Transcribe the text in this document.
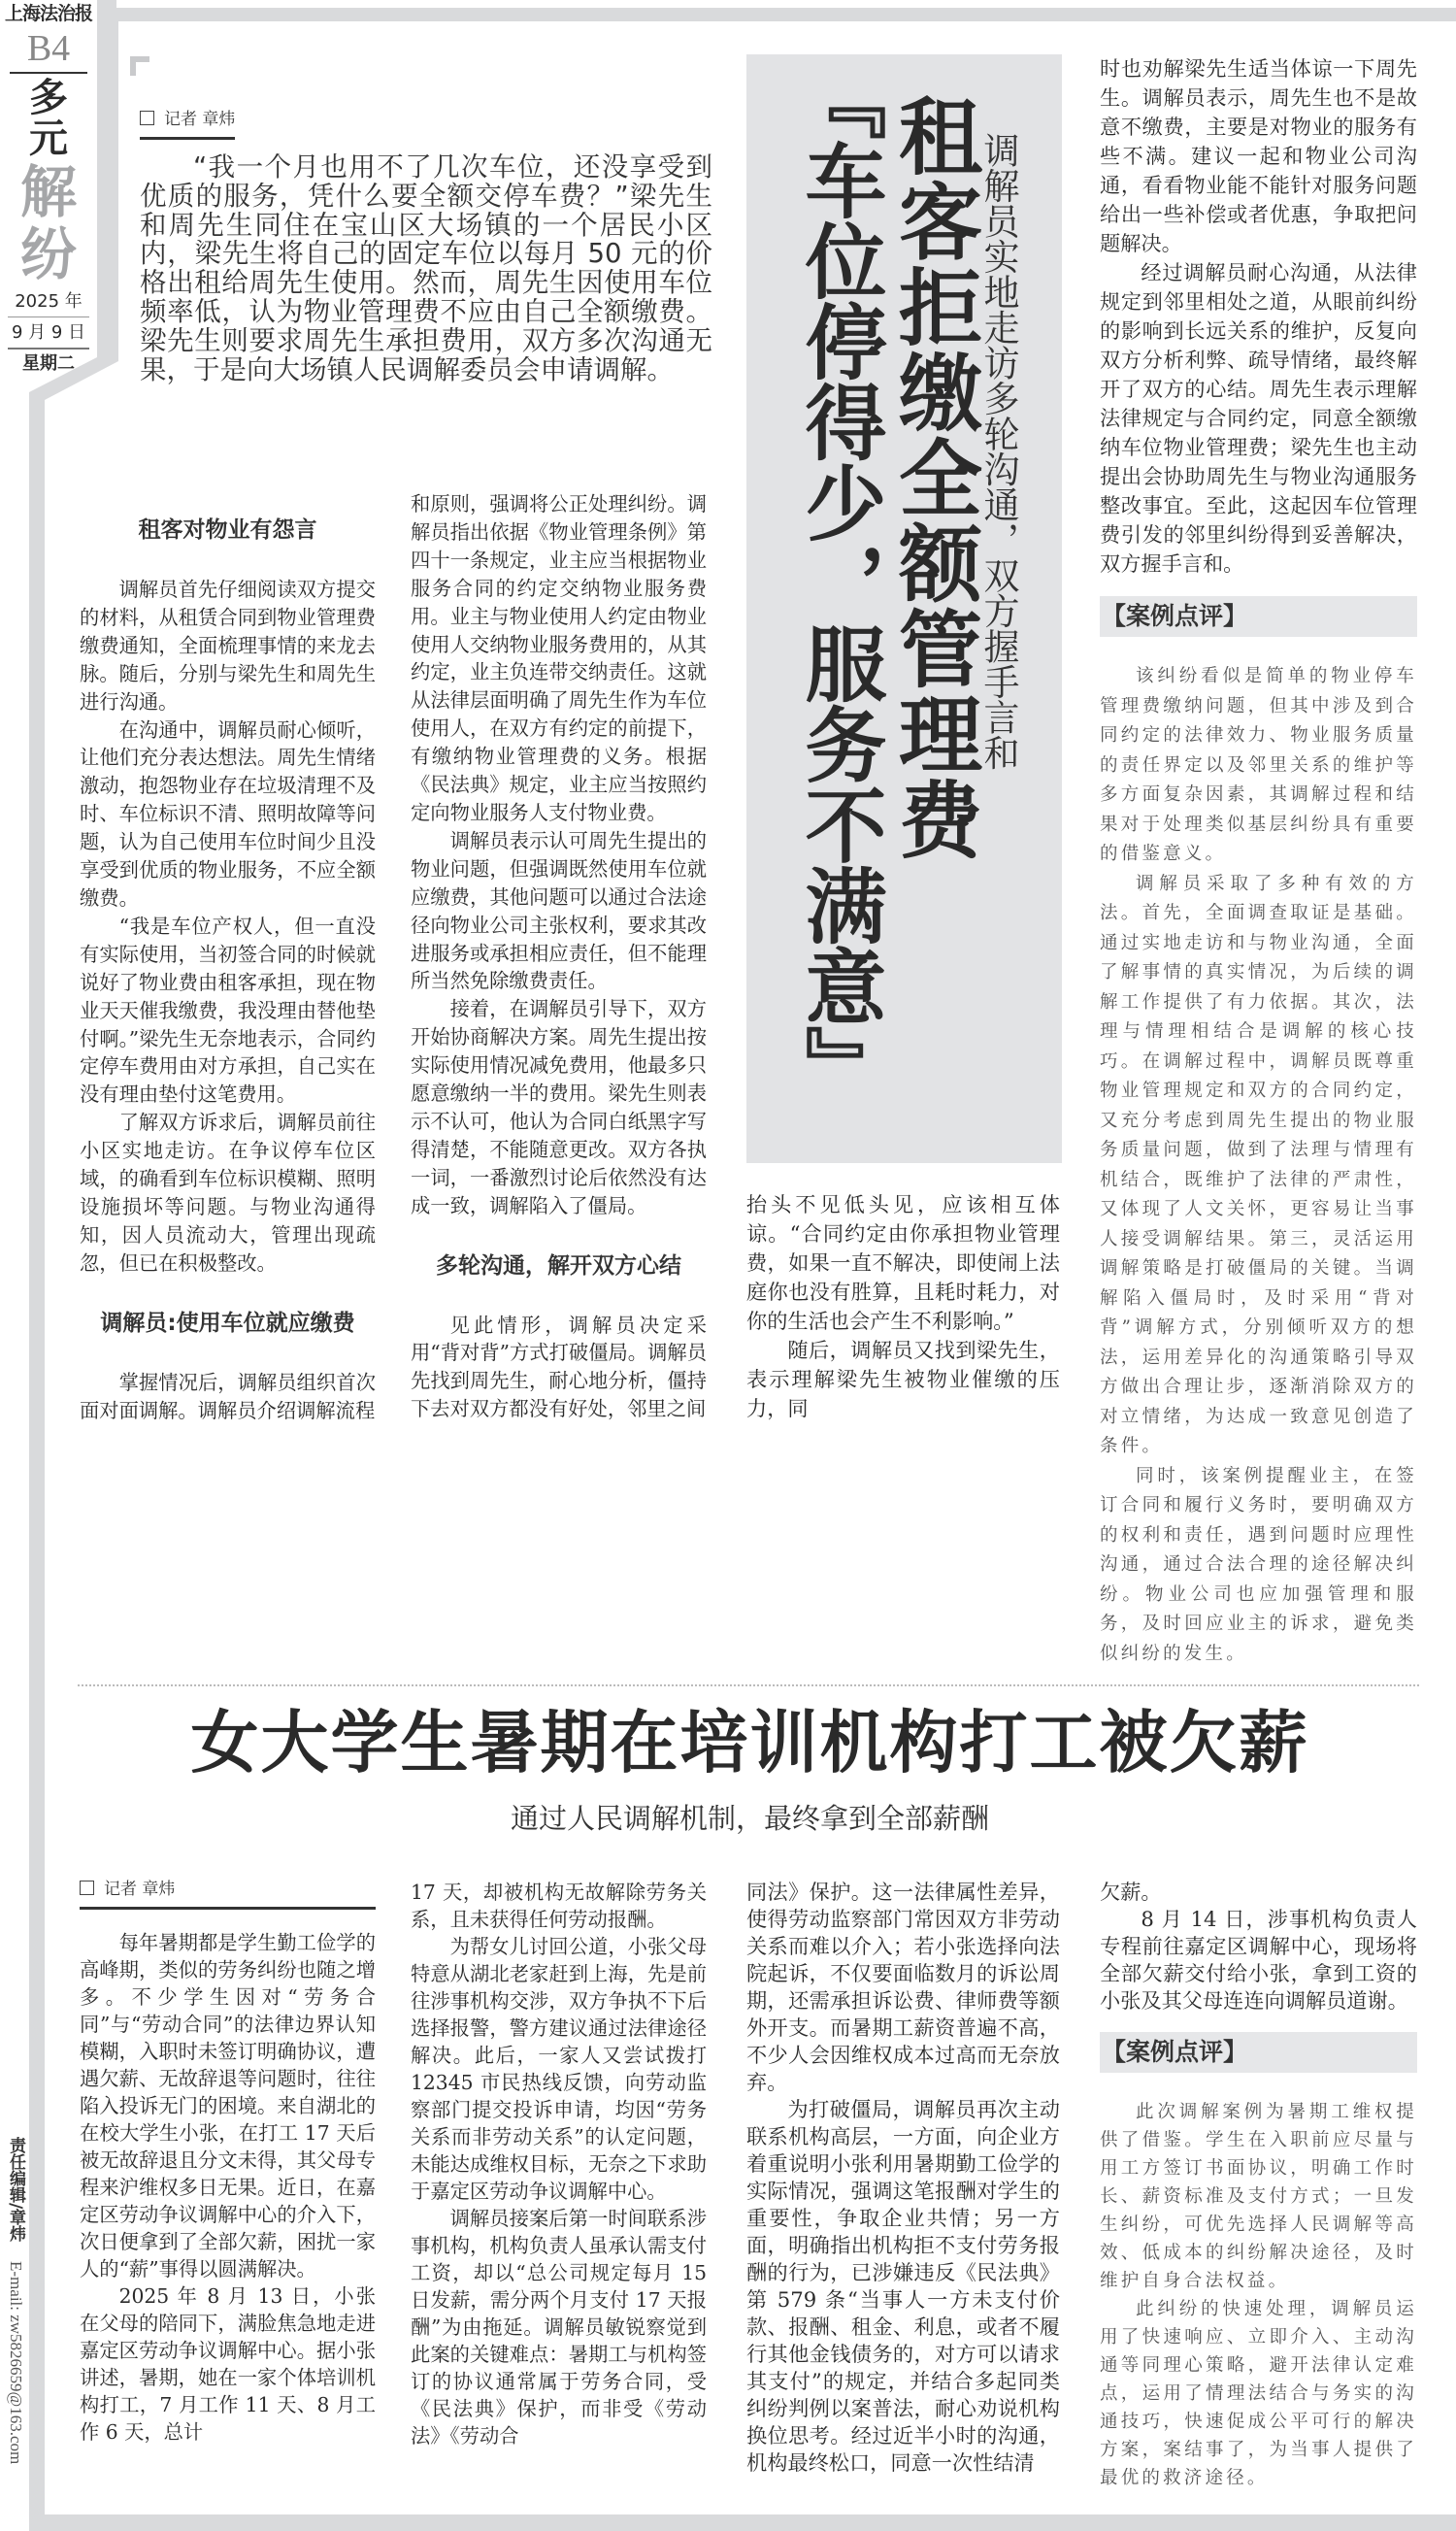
上海法治报
B4
多
元
解
纷
2025 年
9 月 9 日
星期二
记者 章炜

“我一个月也用不了几次车位，还没享受到优质的服务，凭什么要全额交停车费？”梁先生和周先生同住在宝山区大场镇的一个居民小区内，梁先生将自己的固定车位以每月 50 元的价格出租给周先生使用。然而，周先生因使用车位频率低，认为物业管理费不应由自己全额缴费。梁先生则要求周先生承担费用，双方多次沟通无果，于是向大场镇人民调解委员会申请调解。	调解员实地走访多轮沟通，双方握手言和
租客拒缴全额管理费
『车位停得少，服务不满意』
租客对物业有怨言

调解员首先仔细阅读双方提交的材料，从租赁合同到物业管理费缴费通知，全面梳理事情的来龙去脉。随后，分别与梁先生和周先生进行沟通。

在沟通中，调解员耐心倾听，让他们充分表达想法。周先生情绪激动，抱怨物业存在垃圾清理不及时、车位标识不清、照明故障等问题，认为自己使用车位时间少且没享受到优质的物业服务，不应全额缴费。

“我是车位产权人，但一直没有实际使用，当初签合同的时候就说好了物业费由租客承担，现在物业天天催我缴费，我没理由替他垫付啊。”梁先生无奈地表示，合同约定停车费用由对方承担，自己实在没有理由垫付这笔费用。

了解双方诉求后，调解员前往小区实地走访。在争议停车位区域，的确看到车位标识模糊、照明设施损坏等问题。与物业沟通得知，因人员流动大，管理出现疏忽，但已在积极整改。

调解员:使用车位就应缴费

掌握情况后，调解员组织首次面对面调解。调解员介绍调解流程

和原则，强调将公正处理纠纷。调解员指出依据《物业管理条例》第四十一条规定，业主应当根据物业服务合同的约定交纳物业服务费用。业主与物业使用人约定由物业使用人交纳物业服务费用的，从其约定，业主负连带交纳责任。这就从法律层面明确了周先生作为车位使用人，在双方有约定的前提下，有缴纳物业管理费的义务。根据《民法典》规定，业主应当按照约定向物业服务人支付物业费。

调解员表示认可周先生提出的物业问题，但强调既然使用车位就应缴费，其他问题可以通过合法途径向物业公司主张权利，要求其改进服务或承担相应责任，但不能理所当然免除缴费责任。

接着，在调解员引导下，双方开始协商解决方案。周先生提出按实际使用情况减免费用，他最多只愿意缴纳一半的费用。梁先生则表示不认可，他认为合同白纸黑字写得清楚，不能随意更改。双方各执一词，一番激烈讨论后依然没有达成一致，调解陷入了僵局。

多轮沟通，解开双方心结

见此情形，调解员决定采用“背对背”方式打破僵局。调解员先找到周先生，耐心地分析，僵持下去对双方都没有好处，邻里之间

抬头不见低头见，应该相互体谅。“合同约定由你承担物业管理费，如果一直不解决，即使闹上法庭你也没有胜算，且耗时耗力，对你的生活也会产生不利影响。”

随后，调解员又找到梁先生，表示理解梁先生被物业催缴的压力，同

时也劝解梁先生适当体谅一下周先生。调解员表示，周先生也不是故意不缴费，主要是对物业的服务有些不满。建议一起和物业公司沟通，看看物业能不能针对服务问题给出一些补偿或者优惠，争取把问题解决。

经过调解员耐心沟通，从法律规定到邻里相处之道，从眼前纠纷的影响到长远关系的维护，反复向双方分析利弊、疏导情绪，最终解开了双方的心结。周先生表示理解法律规定与合同约定，同意全额缴纳车位物业管理费；梁先生也主动提出会协助周先生与物业沟通服务整改事宜。至此，这起因车位管理费引发的邻里纠纷得到妥善解决，双方握手言和。

【案例点评】

该纠纷看似是简单的物业停车管理费缴纳问题，但其中涉及到合同约定的法律效力、物业服务质量的责任界定以及邻里关系的维护等多方面复杂因素，其调解过程和结果对于处理类似基层纠纷具有重要的借鉴意义。

调解员采取了多种有效的方法。首先，全面调查取证是基础。通过实地走访和与物业沟通，全面了解事情的真实情况，为后续的调解工作提供了有力依据。其次，法理与情理相结合是调解的核心技巧。在调解过程中，调解员既尊重物业管理规定和双方的合同约定，又充分考虑到周先生提出的物业服务质量问题，做到了法理与情理有机结合，既维护了法律的严肃性，又体现了人文关怀，更容易让当事人接受调解结果。第三，灵活运用调解策略是打破僵局的关键。当调解陷入僵局时，及时采用“背对背”调解方式，分别倾听双方的想法，运用差异化的沟通策略引导双方做出合理让步，逐渐消除双方的对立情绪，为达成一致意见创造了条件。

同时，该案例提醒业主，在签订合同和履行义务时，要明确双方的权利和责任，遇到问题时应理性沟通，通过合法合理的途径解决纠纷。物业公司也应加强管理和服务，及时回应业主的诉求，避免类似纠纷的发生。

女大学生暑期在培训机构打工被欠薪
通过人民调解机制，最终拿到全部薪酬
记者 章炜

每年暑期都是学生勤工俭学的高峰期，类似的劳务纠纷也随之增多。不少学生因对“劳务合同”与“劳动合同”的法律边界认知模糊，入职时未签订明确协议，遭遇欠薪、无故辞退等问题时，往往陷入投诉无门的困境。来自湖北的在校大学生小张，在打工 17 天后被无故辞退且分文未得，其父母专程来沪维权多日无果。近日，在嘉定区劳动争议调解中心的介入下，次日便拿到了全部欠薪，困扰一家人的“薪”事得以圆满解决。

2025 年 8 月 13 日，小张在父母的陪同下，满脸焦急地走进嘉定区劳动争议调解中心。据小张讲述，暑期，她在一家个体培训机构打工，7 月工作 11 天、8 月工作 6 天，总计

17 天，却被机构无故解除劳务关系，且未获得任何劳动报酬。

为帮女儿讨回公道，小张父母特意从湖北老家赶到上海，先是前往涉事机构交涉，双方争执不下后选择报警，警方建议通过法律途径解决。此后，一家人又尝试拨打 12345 市民热线反馈，向劳动监察部门提交投诉申请，均因“劳务关系而非劳动关系”的认定问题，未能达成维权目标，无奈之下求助于嘉定区劳动争议调解中心。

调解员接案后第一时间联系涉事机构，机构负责人虽承认需支付工资，却以“总公司规定每月 15 日发薪，需分两个月支付 17 天报酬”为由拖延。调解员敏锐察觉到此案的关键难点：暑期工与机构签订的协议通常属于劳务合同，受《民法典》保护，而非受《劳动法》《劳动合

同法》保护。这一法律属性差异，使得劳动监察部门常因双方非劳动关系而难以介入；若小张选择向法院起诉，不仅要面临数月的诉讼周期，还需承担诉讼费、律师费等额外开支。而暑期工薪资普遍不高，不少人会因维权成本过高而无奈放弃。

为打破僵局，调解员再次主动联系机构高层，一方面，向企业方着重说明小张利用暑期勤工俭学的实际情况，强调这笔报酬对学生的重要性，争取企业共情；另一方面，明确指出机构拒不支付劳务报酬的行为，已涉嫌违反《民法典》第 579 条“当事人一方未支付价款、报酬、租金、利息，或者不履行其他金钱债务的，对方可以请求其支付”的规定，并结合多起同类纠纷判例以案普法，耐心劝说机构换位思考。经过近半小时的沟通，机构最终松口，同意一次性结清

欠薪。

8 月 14 日，涉事机构负责人专程前往嘉定区调解中心，现场将全部欠薪交付给小张，拿到工资的小张及其父母连连向调解员道谢。

【案例点评】

此次调解案例为暑期工维权提供了借鉴。学生在入职前应尽量与用工方签订书面协议，明确工作时长、薪资标准及支付方式；一旦发生纠纷，可优先选择人民调解等高效、低成本的纠纷解决途径，及时维护自身合法权益。

此纠纷的快速处理，调解员运用了快速响应、立即介入、主动沟通等同理心策略，避开法律认定难点，运用了情理法结合与务实的沟通技巧，快速促成公平可行的解决方案，案结事了，为当事人提供了最优的救济途径。

责任编辑/章炜 E-mail: zw5826659@163.com
